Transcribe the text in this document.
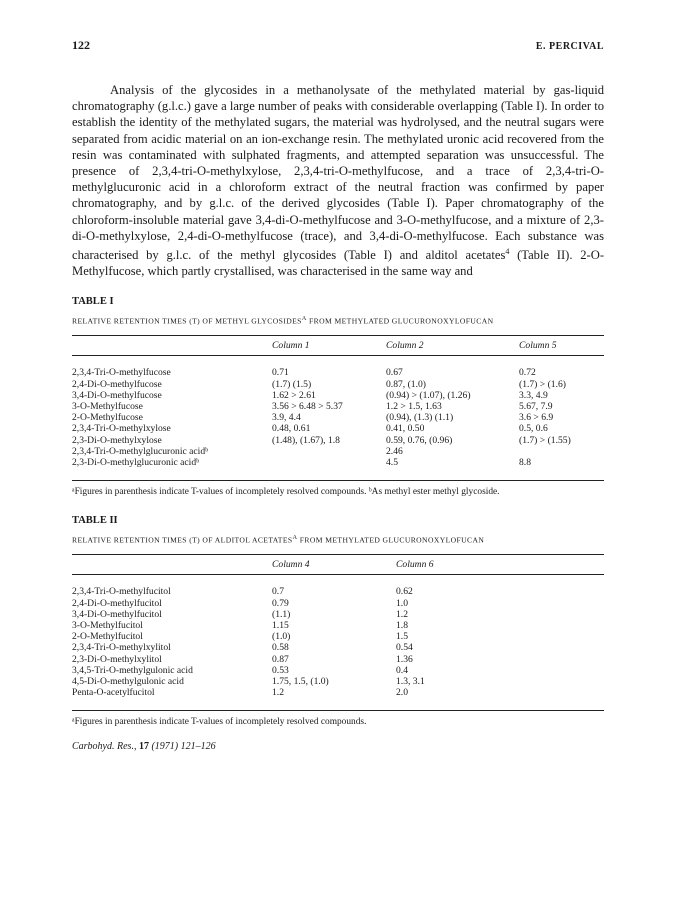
122	E. PERCIVAL
Analysis of the glycosides in a methanolysate of the methylated material by gas-liquid chromatography (g.l.c.) gave a large number of peaks with considerable overlapping (Table I). In order to establish the identity of the methylated sugars, the material was hydrolysed, and the neutral sugars were separated from acidic material on an ion-exchange resin. The methylated uronic acid recovered from the resin was contaminated with sulphated fragments, and attempted separation was unsuccessful. The presence of 2,3,4-tri-O-methylxylose, 2,3,4-tri-O-methylfucose, and a trace of 2,3,4-tri-O-methylglucuronic acid in a chloroform extract of the neutral fraction was confirmed by paper chromatography, and by g.l.c. of the derived glycosides (Table I). Paper chromatography of the chloroform-insoluble material gave 3,4-di-O-methylfucose and 3-O-methylfucose, and a mixture of 2,3-di-O-methylxylose, 2,4-di-O-methylfucose (trace), and 3,4-di-O-methylfucose. Each substance was characterised by g.l.c. of the methyl glycosides (Table I) and alditol acetates$^4$ (Table II). 2-O-Methylfucose, which partly crystallised, was characterised in the same way and
TABLE I
RELATIVE RETENTION TIMES (T) OF METHYL $GLYCOSIDES^A$ FROM METHYLATED GLUCURONOXYLOFUCAN
	Column 1	Column 2	Column 5
2,3,4-Tri-O-methylfucose	0.71	0.67	0.72
2,4-Di-O-methylfucose	(1.7) (1.5)	0.87, (1.0)	(1.7) > (1.6)
3,4-Di-O-methylfucose	1.62 > 2.61	(0.94) > (1.07), (1.26)	3.3, 4.9
3-O-Methylfucose	3.56 > 6.48 > 5.37	1.2 > 1.5, 1.63	5.67, 7.9
2-O-Methylfucose	3.9, 4.4	(0.94), (1.3) (1.1)	3.6 > 6.9
2,3,4-Tri-O-methylxylose	0.48, 0.61	0.41, 0.50	0.5, 0.6
2,3-Di-O-methylxylose	(1.48), (1.67), 1.8	0.59, 0.76, (0.96)	(1.7) > (1.55)
2,3,4-Tri-O-methylglucuronic acidᵇ		2.46	
2,3-Di-O-methylglucuronic acidᵇ		4.5	8.8
ᵃFigures in parenthesis indicate T-values of incompletely resolved compounds. ᵇAs methyl ester methyl glycoside.
TABLE II
RELATIVE RETENTION TIMES (T) OF ALDITOL $ACETATES^A$ FROM METHYLATED GLUCURONOXYLOFUCAN
	Column 4	Column 6
2,3,4-Tri-O-methylfucitol	0.7	0.62
2,4-Di-O-methylfucitol	0.79	1.0
3,4-Di-O-methylfucitol	(1.1)	1.2
3-O-Methylfucitol	1.15	1.8
2-O-Methylfucitol	(1.0)	1.5
2,3,4-Tri-O-methylxylitol	0.58	0.54
2,3-Di-O-methylxylitol	0.87	1.36
3,4,5-Tri-O-methylgulonic acid	0.53	0.4
4,5-Di-O-methylgulonic acid	1.75, 1.5, (1.0)	1.3, 3.1
Penta-O-acetylfucitol	1.2	2.0
ᵃFigures in parenthesis indicate T-values of incompletely resolved compounds.
Carbohyd. Res., 17 (1971) 121–126
